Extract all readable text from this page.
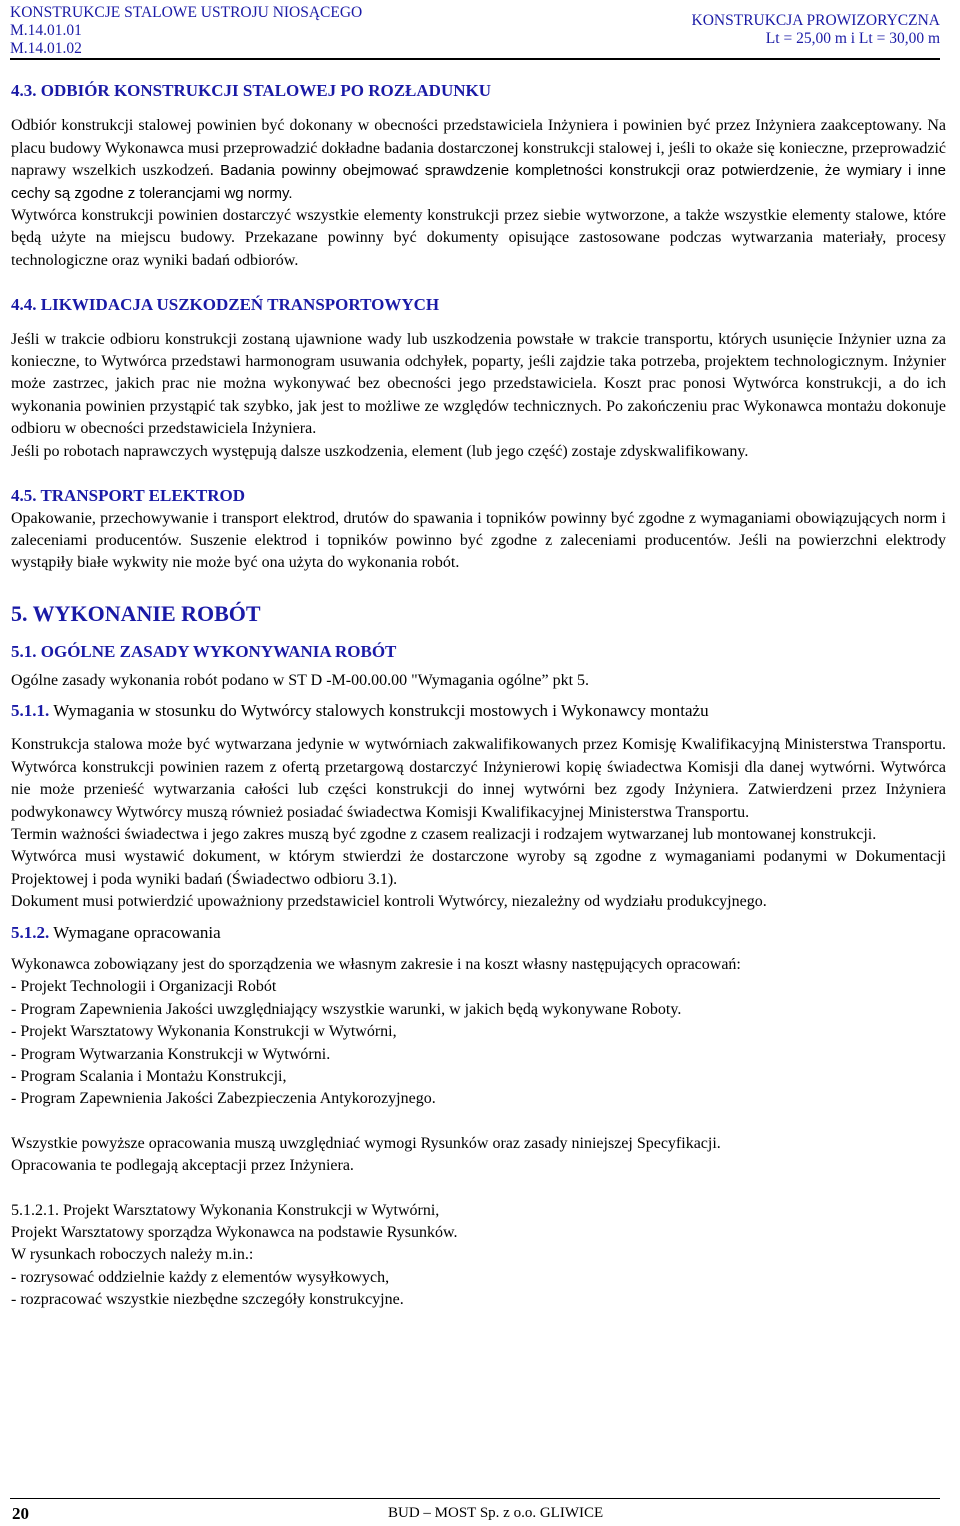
KONSTRUKCJE STALOWE USTROJU NIOSĄCEGO
M.14.01.01
M.14.01.02
KONSTRUKCJA PROWIZORYCZNA
Lt = 25,00 m i Lt = 30,00 m

4.3. ODBIÓR KONSTRUKCJI STALOWEJ PO ROZŁADUNKU

Odbiór konstrukcji stalowej powinien być dokonany w obecności przedstawiciela Inżyniera i powinien być przez Inżyniera zaakceptowany. Na placu budowy Wykonawca musi przeprowadzić dokładne badania dostarczonej konstrukcji stalowej i, jeśli to okaże się konieczne, przeprowadzić naprawy wszelkich uszkodzeń. Badania powinny obejmować sprawdzenie kompletności konstrukcji oraz potwierdzenie, że wymiary i inne cechy są zgodne z tolerancjami wg normy.

Wytwórca konstrukcji powinien dostarczyć wszystkie elementy konstrukcji przez siebie wytworzone, a także wszystkie elementy stalowe, które będą użyte na miejscu budowy. Przekazane powinny być dokumenty opisujące zastosowane podczas wytwarzania materiały, procesy technologiczne oraz wyniki badań odbiorów.

4.4. LIKWIDACJA USZKODZEŃ TRANSPORTOWYCH

Jeśli w trakcie odbioru konstrukcji zostaną ujawnione wady lub uszkodzenia powstałe w trakcie transportu, których usunięcie Inżynier uzna za konieczne, to Wytwórca przedstawi harmonogram usuwania odchyłek, poparty, jeśli zajdzie taka potrzeba, projektem technologicznym. Inżynier może zastrzec, jakich prac nie można wykonywać bez obecności jego przedstawiciela. Koszt prac ponosi Wytwórca konstrukcji, a do ich wykonania powinien przystąpić tak szybko, jak jest to możliwe ze względów technicznych. Po zakończeniu prac Wykonawca montażu dokonuje odbioru w obecności przedstawiciela Inżyniera.

Jeśli po robotach naprawczych występują dalsze uszkodzenia, element (lub jego część) zostaje zdyskwalifikowany.

4.5. TRANSPORT ELEKTROD

Opakowanie, przechowywanie i transport elektrod, drutów do spawania i topników powinny być zgodne z wymaganiami obowiązujących norm i zaleceniami producentów. Suszenie elektrod i topników powinno być zgodne z zaleceniami producentów. Jeśli na powierzchni elektrody wystąpiły białe wykwity nie może być ona użyta do wykonania robót.

5. WYKONANIE ROBÓT

5.1. OGÓLNE ZASADY WYKONYWANIA ROBÓT

Ogólne zasady wykonania robót podano w ST D -M-00.00.00 "Wymagania ogólne” pkt 5.

5.1.1. Wymagania w stosunku do Wytwórcy stalowych konstrukcji mostowych i Wykonawcy montażu

Konstrukcja stalowa może być wytwarzana jedynie w wytwórniach zakwalifikowanych przez Komisję Kwalifikacyjną Ministerstwa Transportu. Wytwórca konstrukcji powinien razem z ofertą przetargową dostarczyć Inżynierowi kopię świadectwa Komisji dla danej wytwórni. Wytwórca nie może przenieść wytwarzania całości lub części konstrukcji do innej wytwórni bez zgody Inżyniera. Zatwierdzeni przez Inżyniera podwykonawcy Wytwórcy muszą również posiadać świadectwa Komisji Kwalifikacyjnej Ministerstwa Transportu.

Termin ważności świadectwa i jego zakres muszą być zgodne z czasem realizacji i rodzajem wytwarzanej lub montowanej konstrukcji.

Wytwórca musi wystawić dokument, w którym stwierdzi że dostarczone wyroby są zgodne z wymaganiami podanymi w Dokumentacji Projektowej i poda wyniki badań (Świadectwo odbioru 3.1).

Dokument musi potwierdzić upoważniony przedstawiciel kontroli Wytwórcy, niezależny od wydziału produkcyjnego.

5.1.2. Wymagane opracowania

Wykonawca zobowiązany jest do sporządzenia we własnym zakresie i na koszt własny następujących opracowań:

- Projekt Technologii i Organizacji Robót

- Program Zapewnienia Jakości uwzględniający wszystkie warunki, w jakich będą wykonywane Roboty.

- Projekt Warsztatowy Wykonania Konstrukcji w Wytwórni,

- Program Wytwarzania Konstrukcji w Wytwórni.

- Program Scalania i Montażu Konstrukcji,

- Program Zapewnienia Jakości Zabezpieczenia Antykorozyjnego.

Wszystkie powyższe opracowania muszą uwzględniać wymogi Rysunków oraz zasady niniejszej Specyfikacji.

Opracowania te podlegają akceptacji przez Inżyniera.

5.1.2.1. Projekt Warsztatowy Wykonania Konstrukcji w Wytwórni,

Projekt Warsztatowy sporządza Wykonawca na podstawie Rysunków.

W rysunkach roboczych należy m.in.:

- rozrysować oddzielnie każdy z elementów wysyłkowych,

- rozpracować wszystkie niezbędne szczegóły konstrukcyjne.

20	BUD – MOST Sp. z o.o. GLIWICE
